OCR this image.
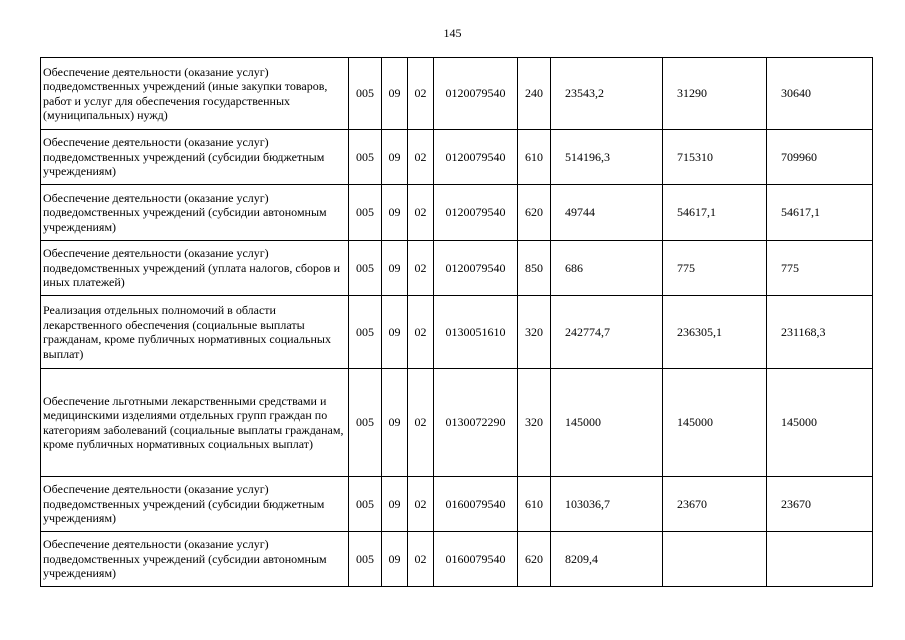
145
Обеспечение деятельности (оказание услуг) подведомственных учреждений (иные закупки товаров, работ и услуг для обеспечения государственных (муниципальных) нужд)	005	09	02	0120079540	240	23543,2	31290	30640
Обеспечение деятельности (оказание услуг) подведомственных учреждений (субсидии бюджетным учреждениям)	005	09	02	0120079540	610	514196,3	715310	709960
Обеспечение деятельности (оказание услуг) подведомственных учреждений (субсидии автономным учреждениям)	005	09	02	0120079540	620	49744	54617,1	54617,1
Обеспечение деятельности (оказание услуг) подведомственных учреждений (уплата налогов, сборов и иных платежей)	005	09	02	0120079540	850	686	775	775
Реализация отдельных полномочий в области лекарственного обеспечения (социальные выплаты гражданам, кроме публичных нормативных социальных выплат)	005	09	02	0130051610	320	242774,7	236305,1	231168,3
Обеспечение льготными лекарственными средствами и медицинскими изделиями отдельных групп граждан по категориям заболеваний (социальные выплаты гражданам, кроме публичных нормативных социальных выплат)	005	09	02	0130072290	320	145000	145000	145000
Обеспечение деятельности (оказание услуг) подведомственных учреждений (субсидии бюджетным учреждениям)	005	09	02	0160079540	610	103036,7	23670	23670
Обеспечение деятельности (оказание услуг) подведомственных учреждений (субсидии автономным учреждениям)	005	09	02	0160079540	620	8209,4		
